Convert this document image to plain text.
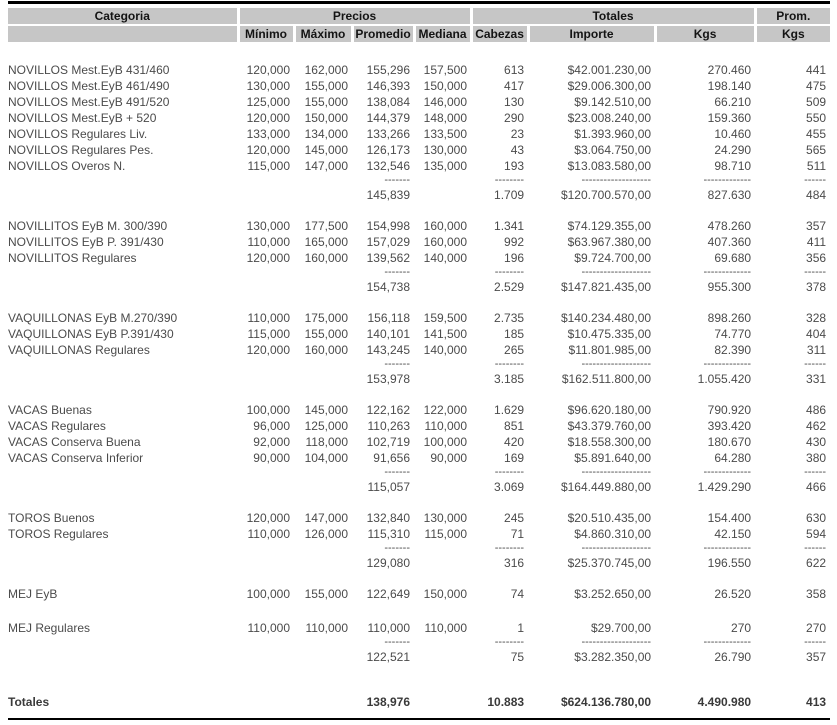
Categoria	Precios				Totales			Prom.
	Mínimo	Máximo	Promedio	Mediana	Cabezas	Importe	Kgs	Kgs

NOVILLOS Mest.EyB 431/460	120,000	162,000	155,296	157,500	613	$42.001.230,00	270.460	441
NOVILLOS Mest.EyB 461/490	130,000	155,000	146,393	150,000	417	$29.006.300,00	198.140	475
NOVILLOS Mest.EyB 491/520	125,000	155,000	138,084	146,000	130	$9.142.510,00	66.210	509
NOVILLOS Mest.EyB + 520	120,000	150,000	144,379	148,000	290	$23.008.240,00	159.360	550
NOVILLOS Regulares Liv.	133,000	134,000	133,266	133,500	23	$1.393.960,00	10.460	455
NOVILLOS Regulares Pes.	120,000	145,000	126,173	130,000	43	$3.064.750,00	24.290	565
NOVILLOS Overos N.	115,000	147,000	132,546	135,000	193	$13.083.580,00	98.710	511
			-------		--------	-------------------	-------------	------
			145,839		1.709	$120.700.570,00	827.630	484

NOVILLITOS EyB M. 300/390	130,000	177,500	154,998	160,000	1.341	$74.129.355,00	478.260	357
NOVILLITOS EyB P. 391/430	110,000	165,000	157,029	160,000	992	$63.967.380,00	407.360	411
NOVILLITOS Regulares	120,000	160,000	139,562	140,000	196	$9.724.700,00	69.680	356
			-------		--------	-------------------	-------------	------
			154,738		2.529	$147.821.435,00	955.300	378

VAQUILLONAS EyB M.270/390	110,000	175,000	156,118	159,500	2.735	$140.234.480,00	898.260	328
VAQUILLONAS EyB P.391/430	115,000	155,000	140,101	141,500	185	$10.475.335,00	74.770	404
VAQUILLONAS Regulares	120,000	160,000	143,245	140,000	265	$11.801.985,00	82.390	311
			-------		--------	-------------------	-------------	------
			153,978		3.185	$162.511.800,00	1.055.420	331

VACAS Buenas	100,000	145,000	122,162	122,000	1.629	$96.620.180,00	790.920	486
VACAS Regulares	96,000	125,000	110,263	110,000	851	$43.379.760,00	393.420	462
VACAS Conserva Buena	92,000	118,000	102,719	100,000	420	$18.558.300,00	180.670	430
VACAS Conserva Inferior	90,000	104,000	91,656	90,000	169	$5.891.640,00	64.280	380
			-------		--------	-------------------	-------------	------
			115,057		3.069	$164.449.880,00	1.429.290	466

TOROS Buenos	120,000	147,000	132,840	130,000	245	$20.510.435,00	154.400	630
TOROS Regulares	110,000	126,000	115,310	115,000	71	$4.860.310,00	42.150	594
			-------		--------	-------------------	-------------	------
			129,080		316	$25.370.745,00	196.550	622

MEJ EyB	100,000	155,000	122,649	150,000	74	$3.252.650,00	26.520	358

MEJ Regulares	110,000	110,000	110,000	110,000	1	$29.700,00	270	270
			-------		--------	-------------------	-------------	------
			122,521		75	$3.282.350,00	26.790	357

Totales			138,976		10.883	$624.136.780,00	4.490.980	413
